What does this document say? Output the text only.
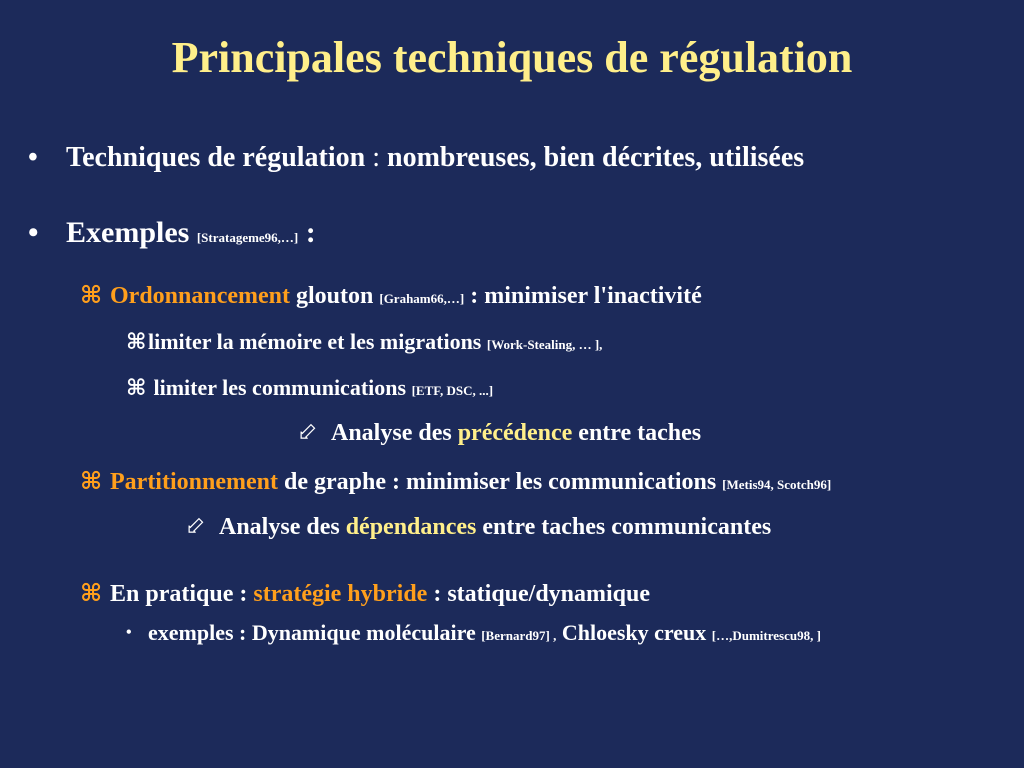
Principales techniques de régulation
• Techniques de régulation : nombreuses, bien décrites, utilisées
• Exemples [Stratageme96,…] :
⌘ Ordonnancement glouton [Graham66,…] : minimiser l'inactivité
⌘limiter la mémoire et les migrations [Work-Stealing, … ],
⌘ limiter les communications [ETF, DSC, ...]
⬃ Analyse des précédence entre taches
⌘ Partitionnement de graphe : minimiser les communications [Metis94, Scotch96]
⬃ Analyse des dépendances entre taches communicantes
⌘ En pratique : stratégie hybride : statique/dynamique
• exemples : Dynamique moléculaire [Bernard97] , Chloesky creux […,Dumitrescu98, ]
